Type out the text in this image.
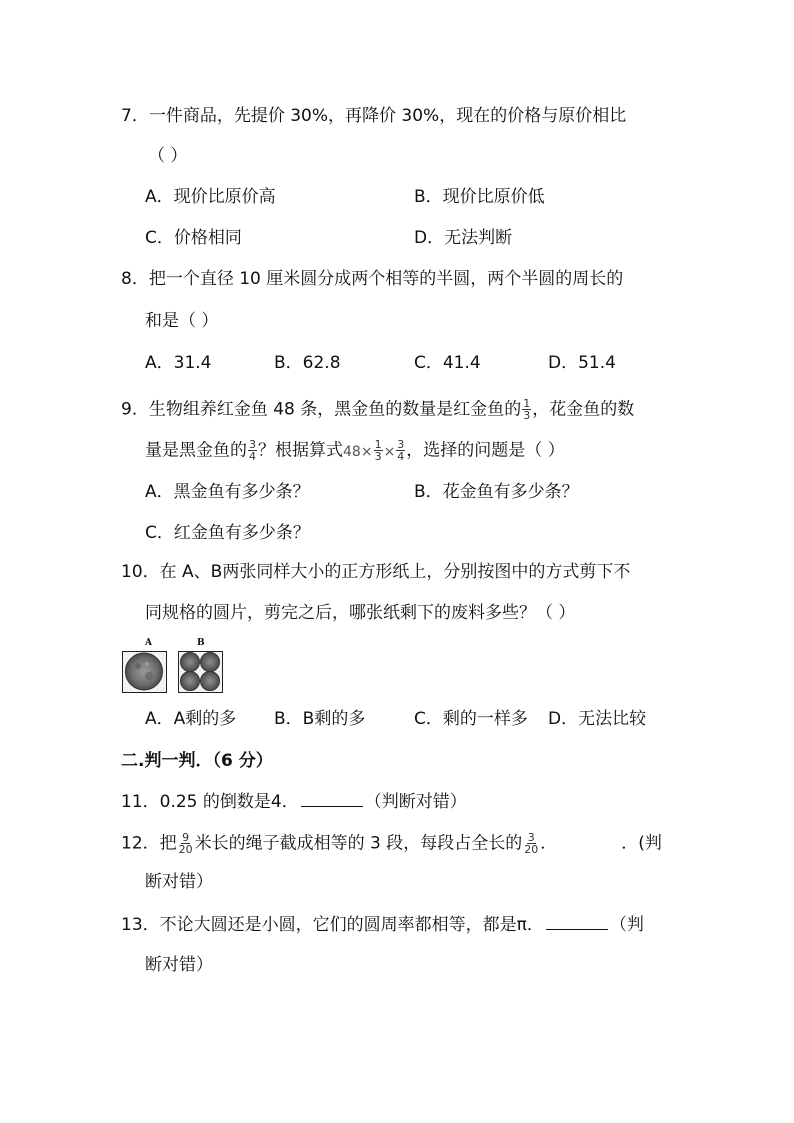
7．一件商品，先提价 30%，再降价 30%，现在的价格与原价相比
（ ）
A．现价比原价高	B．现价比原价低
C．价格相同	D．无法判断
8．把一个直径 10 厘米圆分成两个相等的半圆，两个半圆的周长的
和是（ ）
A．31.4	B．62.8	C．41.4	D．51.4
9．生物组养红金鱼 48 条，黑金鱼的数量是红金鱼的 $\frac{1}{3}$ ，花金鱼的数
量是黑金鱼的 $\frac{3}{4}$ ？根据算式$48\times \frac{1}{3} \times \frac{3}{4}$ ，选择的问题是（ ）
A．黑金鱼有多少条？	B．花金鱼有多少条？
C．红金鱼有多少条？
10．在 A、B两张同样大小的正方形纸上，分别按图中的方式剪下不
同规格的圆片，剪完之后，哪张纸剩下的废料多些？（ ）
A	B
A．A剩的多 B．B剩的多	C．剩的一样多 D．无法比较
二.判一判．（6 分）
11．0.25 的倒数是4．	（判断对错）
12．把 $\frac{9}{20}$ 米长的绳子截成相等的 3 段，每段占全长的 $\frac{3}{20}$ ．	．(判
断对错）
13．不论大圆还是小圆，它们的圆周率都相等，都是π．	（判
断对错）
